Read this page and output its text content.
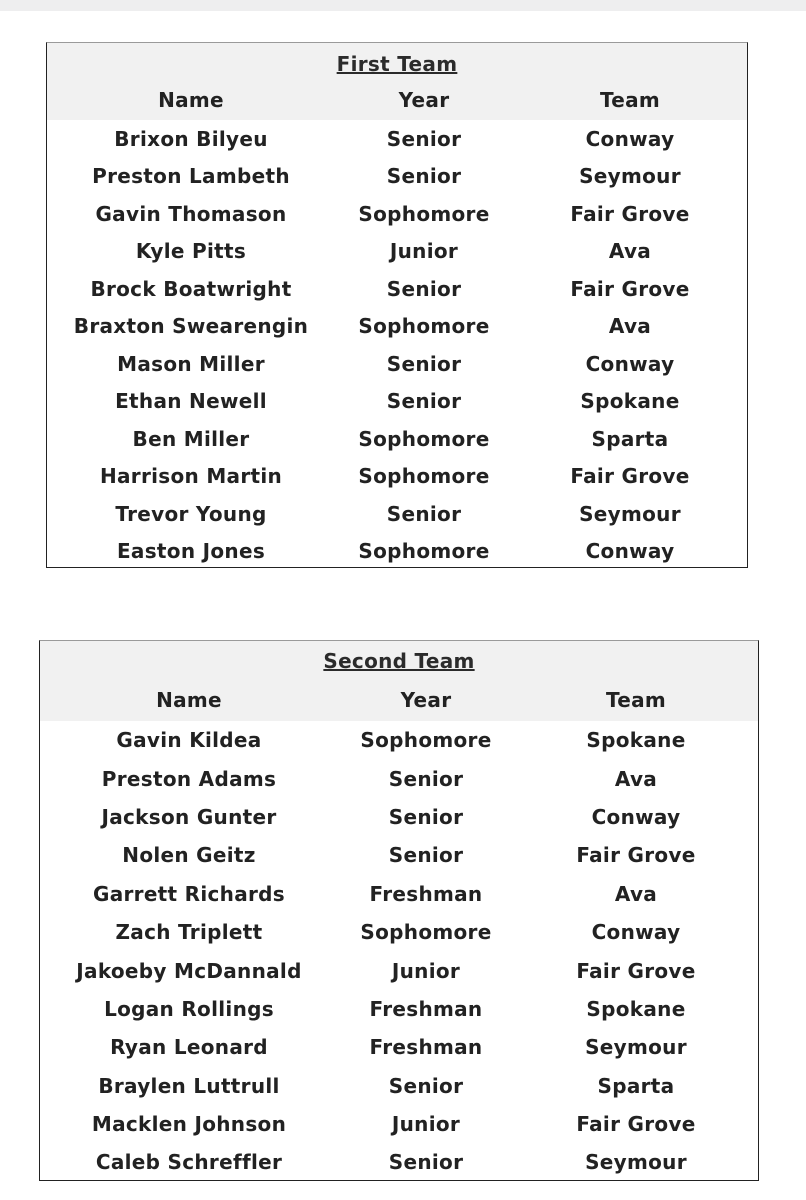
First Team
Name	Year	Team
Brixon Bilyeu	Senior	Conway
Preston Lambeth	Senior	Seymour
Gavin Thomason	Sophomore	Fair Grove
Kyle Pitts	Junior	Ava
Brock Boatwright	Senior	Fair Grove
Braxton Swearengin	Sophomore	Ava
Mason Miller	Senior	Conway
Ethan Newell	Senior	Spokane
Ben Miller	Sophomore	Sparta
Harrison Martin	Sophomore	Fair Grove
Trevor Young	Senior	Seymour
Easton Jones	Sophomore	Conway
Second Team
Name	Year	Team
Gavin Kildea	Sophomore	Spokane
Preston Adams	Senior	Ava
Jackson Gunter	Senior	Conway
Nolen Geitz	Senior	Fair Grove
Garrett Richards	Freshman	Ava
Zach Triplett	Sophomore	Conway
Jakoeby McDannald	Junior	Fair Grove
Logan Rollings	Freshman	Spokane
Ryan Leonard	Freshman	Seymour
Braylen Luttrull	Senior	Sparta
Macklen Johnson	Junior	Fair Grove
Caleb Schreffler	Senior	Seymour
